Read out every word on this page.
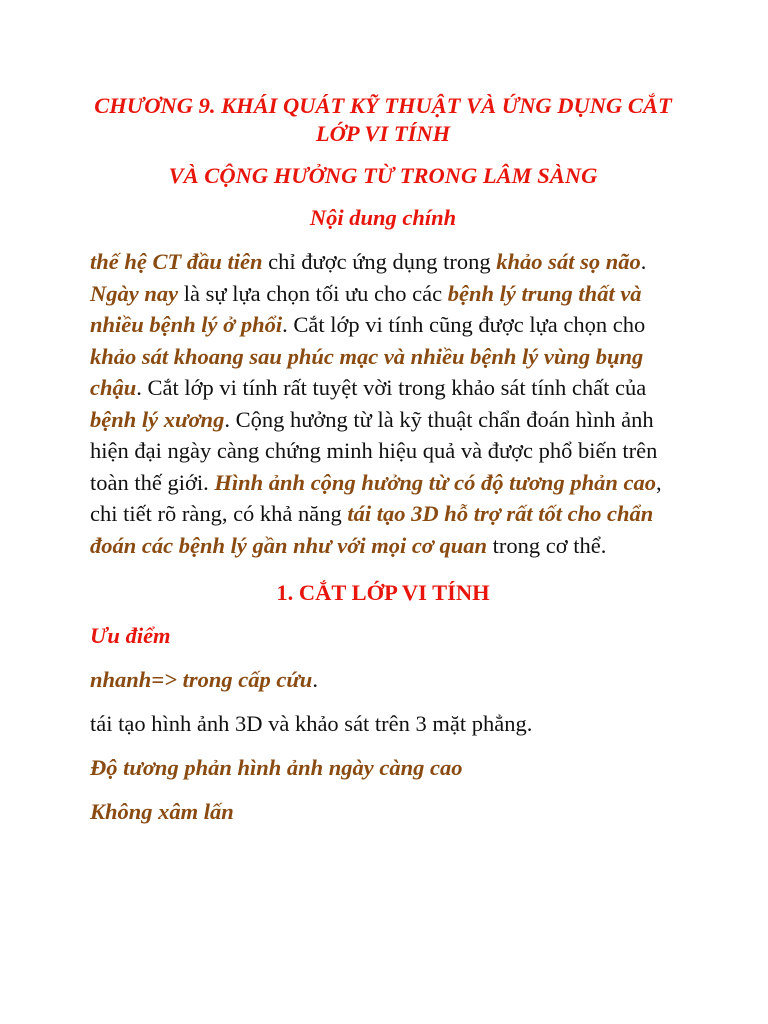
CHƯƠNG 9. KHÁI QUÁT KỸ THUẬT VÀ ỨNG DỤNG CẮT LỚP VI TÍNH

VÀ CỘNG HƯỞNG TỪ TRONG LÂM SÀNG

Nội dung chính

thế hệ CT đầu tiên chỉ được ứng dụng trong khảo sát sọ não. Ngày nay là sự lựa chọn tối ưu cho các bệnh lý trung thất và nhiều bệnh lý ở phổi. Cắt lớp vi tính cũng được lựa chọn cho khảo sát khoang sau phúc mạc và nhiều bệnh lý vùng bụng chậu. Cắt lớp vi tính rất tuyệt vời trong khảo sát tính chất của bệnh lý xương. Cộng hưởng từ là kỹ thuật chẩn đoán hình ảnh hiện đại ngày càng chứng minh hiệu quả và được phổ biến trên toàn thế giới. Hình ảnh cộng hưởng từ có độ tương phản cao, chi tiết rõ ràng, có khả năng tái tạo 3D hỗ trợ rất tốt cho chẩn đoán các bệnh lý gần như với mọi cơ quan trong cơ thể.

1. CẮT LỚP VI TÍNH

Ưu điểm

nhanh=> trong cấp cứu.

tái tạo hình ảnh 3D và khảo sát trên 3 mặt phẳng.

Độ tương phản hình ảnh ngày càng cao

Không xâm lấn
